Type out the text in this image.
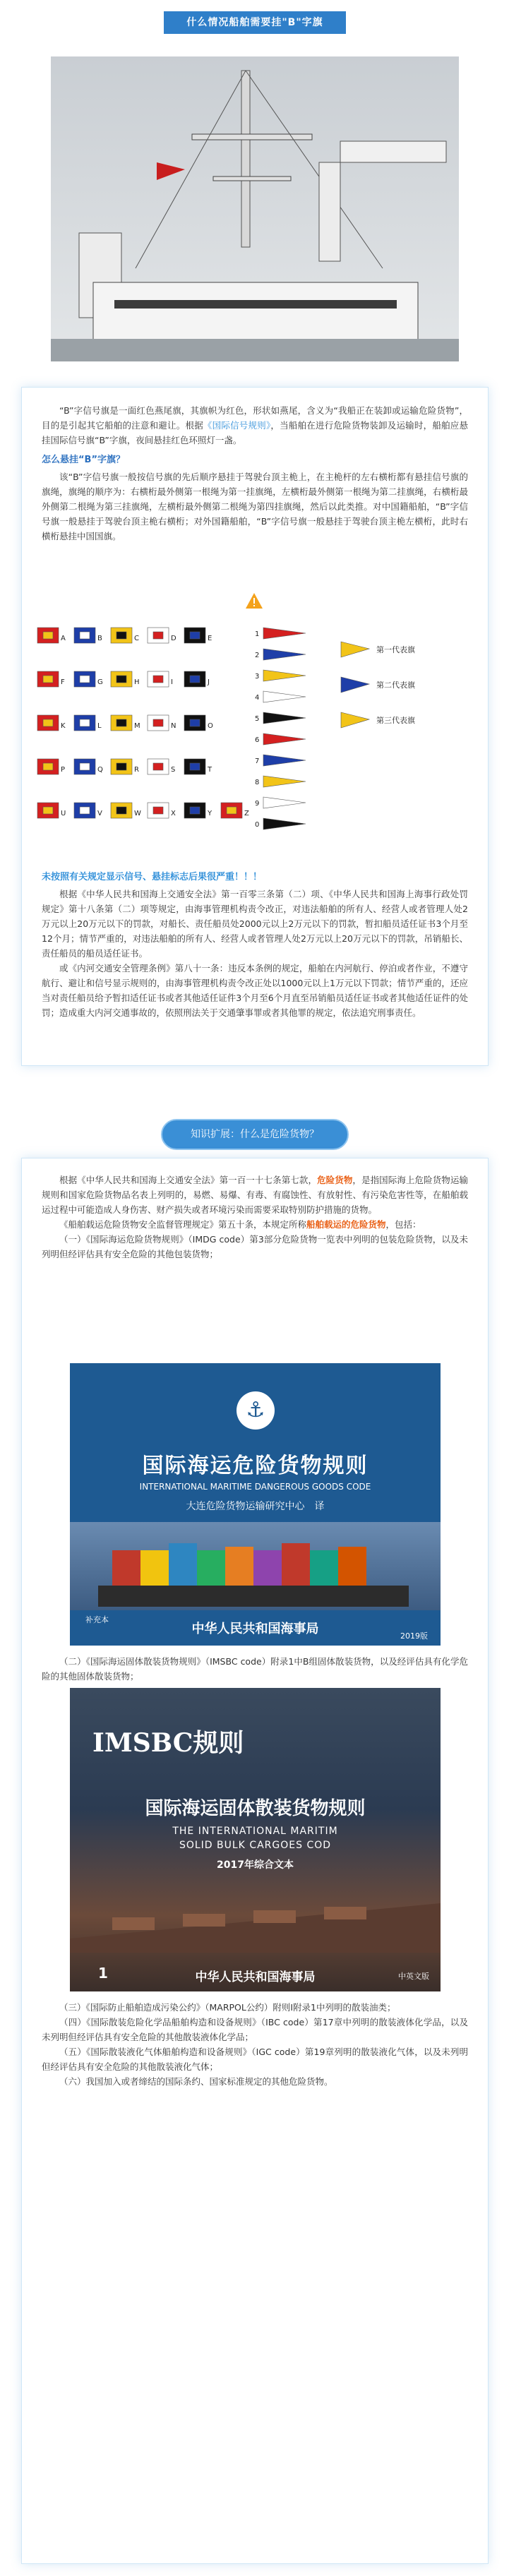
什么情况船舶需要挂"B"字旗

“B”字信号旗是一面红色燕尾旗，其旗帜为红色，形状如燕尾，含义为“我船正在装卸或运输危险货物”，目的是引起其它船舶的注意和避让。根据《国际信号规则》，当船舶在进行危险货物装卸及运输时，船舶应悬挂国际信号旗“B”字旗，夜间悬挂红色环照灯一盏。

怎么悬挂“B”字旗？

该“B”字信号旗一般按信号旗的先后顺序悬挂于驾驶台顶主桅上，在主桅杆的左右横桁都有悬挂信号旗的旗绳，旗绳的顺序为：右横桁最外侧第一根绳为第一挂旗绳，左横桁最外侧第一根绳为第二挂旗绳，右横桁最外侧第二根绳为第三挂旗绳，左横桁最外侧第二根绳为第四挂旗绳，然后以此类推。对中国籍船舶，“B”字信号旗一般悬挂于驾驶台顶主桅右横桁；对外国籍船舶，“B”字信号旗一般悬挂于驾驶台顶主桅左横桁，此时右横桁悬挂中国国旗。

A	B	C	D	E
F	G	H	I	J
K	L	M	N	O
P	Q	R	S	T
U	V	W	X	Y	Z
1
2
3
4
5
6
7
8
9
0
第一代表旗
第二代表旗
第三代表旗
未按照有关规定显示信号、悬挂标志后果很严重！！！

根据《中华人民共和国海上交通安全法》第一百零三条第（二）项、《中华人民共和国海上海事行政处罚规定》第十八条第（二）项等规定，由海事管理机构责令改正，对违法船舶的所有人、经营人或者管理人处2万元以上20万元以下的罚款，对船长、责任船员处2000元以上2万元以下的罚款，暂扣船员适任证书3个月至12个月；情节严重的，对违法船舶的所有人、经营人或者管理人处2万元以上20万元以下的罚款，吊销船长、责任船员的船员适任证书。

或《内河交通安全管理条例》第八十一条：违反本条例的规定，船舶在内河航行、停泊或者作业，不遵守航行、避让和信号显示规则的，由海事管理机构责令改正处以1000元以上1万元以下罚款；情节严重的，还应当对责任船员给予暂扣适任证书或者其他适任证件3个月至6个月直至吊销船员适任证书或者其他适任证件的处罚；造成重大内河交通事故的，依照刑法关于交通肇事罪或者其他罪的规定，依法追究刑事责任。

知识扩展：什么是危险货物？

根据《中华人民共和国海上交通安全法》第一百一十七条第七款，危险货物，是指国际海上危险货物运输规则和国家危险货物品名表上列明的，易燃、易爆、有毒、有腐蚀性、有放射性、有污染危害性等，在船舶载运过程中可能造成人身伤害、财产损失或者环境污染而需要采取特别防护措施的货物。

《船舶载运危险货物安全监督管理规定》第五十条，本规定所称船舶载运的危险货物，包括：

（一）《国际海运危险货物规则》（IMDG code）第3部分危险货物一览表中列明的包装危险货物，以及未列明但经评估具有安全危险的其他包装货物；

⚓
国际海运危险货物规则
INTERNATIONAL MARITIME DANGEROUS GOODS CODE
大连危险货物运输研究中心　译
补充本
中华人民共和国海事局	2019版

（二）《国际海运固体散装货物规则》（IMSBC code）附录1中B组固体散装货物，以及经评估具有化学危险的其他固体散装货物；

IMSBC规则
国际海运固体散装货物规则
THE INTERNATIONAL MARITIM
SOLID BULK CARGOES COD
2017年综合文本
1	中华人民共和国海事局	中英文版

（三）《国际防止船舶造成污染公约》（MARPOL公约）附则I附录1中列明的散装油类；

（四）《国际散装危险化学品船舶构造和设备规则》（IBC code）第17章中列明的散装液体化学品，以及未列明但经评估具有安全危险的其他散装液体化学品；

（五）《国际散装液化气体船舶构造和设备规则》（IGC code）第19章列明的散装液化气体，以及未列明但经评估具有安全危险的其他散装液化气体；

（六）我国加入或者缔结的国际条约、国家标准规定的其他危险货物。
